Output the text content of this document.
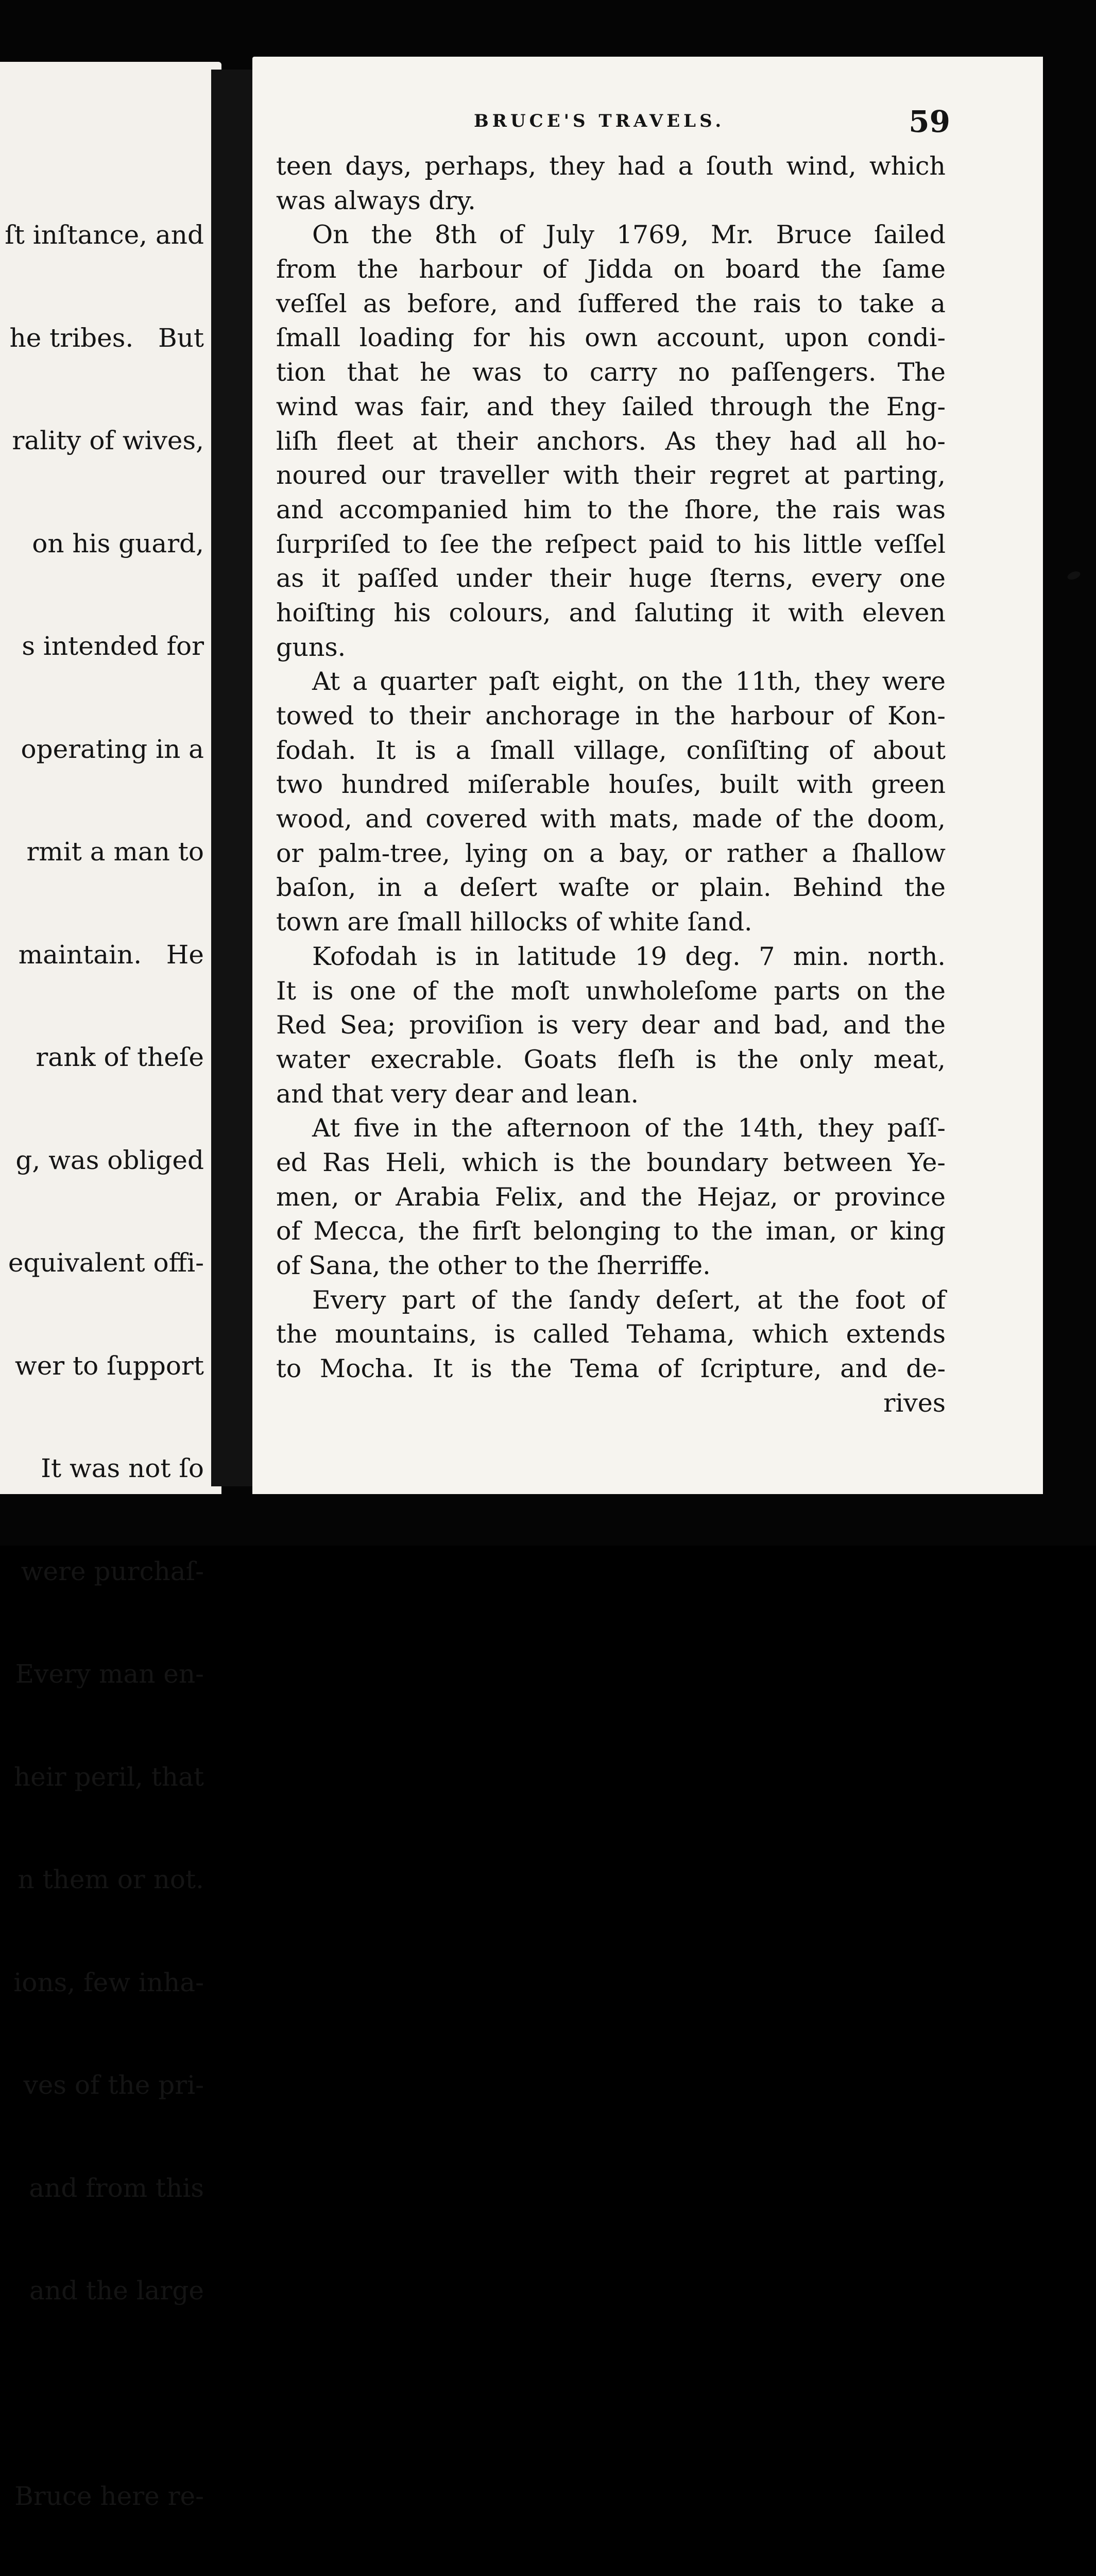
ſt inſtance, and

he tribes.   But

rality of wives,

on his guard,

s intended for

operating in a

rmit a man to

maintain.   He

rank of theſe

g, was obliged

equivalent offi-

wer to ſupport

It was not ſo

were purchaſ-

Every man en-

heir peril, that

n them or not.

ions, few inha-

ves of the pri-

and from this

and the large

Bruce here re-

BRUCE'S TRAVELS.	59
teen days, perhaps, they had a ſouth wind, which
was always dry.
On the 8th of July 1769, Mr. Bruce ſailed
from the harbour of Jidda on board the ſame
veſſel as before, and ſuffered the rais to take a
ſmall loading for his own account, upon condi-
tion that he was to carry no paſſengers. The
wind was fair, and they ſailed through the Eng-
liſh fleet at their anchors. As they had all ho-
noured our traveller with their regret at parting,
and accompanied him to the ſhore, the rais was
ſurpriſed to ſee the reſpect paid to his little veſſel
as it paſſed under their huge ſterns, every one
hoiſting his colours, and ſaluting it with eleven
guns.
At a quarter paſt eight, on the 11th, they were
towed to their anchorage in the harbour of Kon-
fodah. It is a ſmall village, conſiſting of about
two hundred miſerable houſes, built with green
wood, and covered with mats, made of the doom,
or palm-tree, lying on a bay, or rather a ſhallow
baſon, in a deſert waſte or plain. Behind the
town are ſmall hillocks of white ſand.
Kofodah is in latitude 19 deg. 7 min. north.
It is one of the moſt unwholeſome parts on the
Red Sea; proviſion is very dear and bad, and the
water execrable. Goats fleſh is the only meat,
and that very dear and lean.
At five in the afternoon of the 14th, they paſſ-
ed Ras Heli, which is the boundary between Ye-
men, or Arabia Felix, and the Hejaz, or province
of Mecca, the firſt belonging to the iman, or king
of Sana, the other to the ſherriffe.
Every part of the ſandy deſert, at the foot of
the mountains, is called Tehama, which extends
to Mocha. It is the Tema of ſcripture, and de-
rives
